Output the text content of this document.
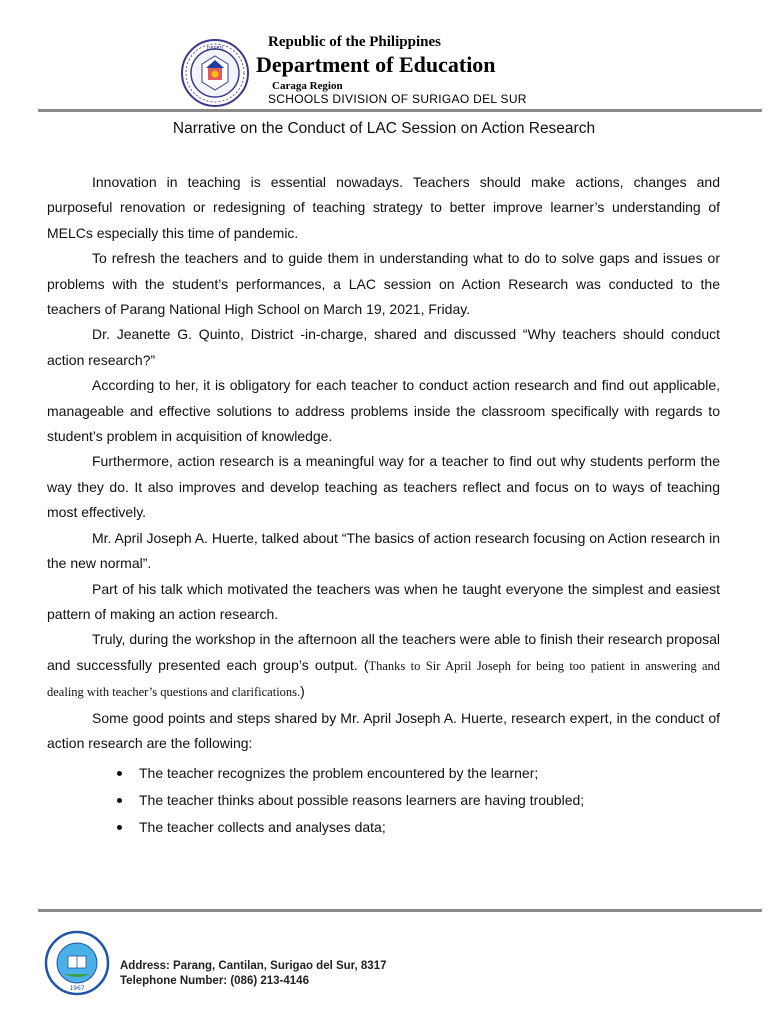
DEPED	Republic of the Philippines
Department of Education
Caraga Region
SCHOOLS DIVISION OF SURIGAO DEL SUR
Narrative on the Conduct of LAC Session on Action Research

Innovation in teaching is essential nowadays. Teachers should make actions, changes and purposeful renovation or redesigning of teaching strategy to better improve learner’s understanding of MELCs especially this time of pandemic.

To refresh the teachers and to guide them in understanding what to do to solve gaps and issues or problems with the student’s performances, a LAC session on Action Research was conducted to the teachers of Parang National High School on March 19, 2021, Friday.

Dr. Jeanette G. Quinto, District -in-charge, shared and discussed “Why teachers should conduct action research?”

According to her, it is obligatory for each teacher to conduct action research and find out applicable, manageable and effective solutions to address problems inside the classroom specifically with regards to student’s problem in acquisition of knowledge.

Furthermore, action research is a meaningful way for a teacher to find out why students perform the way they do. It also improves and develop teaching as teachers reflect and focus on to ways of teaching most effectively.

Mr. April Joseph A. Huerte, talked about “The basics of action research focusing on Action research in the new normal”.

Part of his talk which motivated the teachers was when he taught everyone the simplest and easiest pattern of making an action research.

Truly, during the workshop in the afternoon all the teachers were able to finish their research proposal and successfully presented each group’s output. (Thanks to Sir April Joseph for being too patient in answering and dealing with teacher’s questions and clarifications.)

Some good points and steps shared by Mr. April Joseph A. Huerte, research expert, in the conduct of action research are the following:

The teacher recognizes the problem encountered by the learner;
The teacher thinks about possible reasons learners are having troubled;
The teacher collects and analyses data;
1967
Address: Parang, Cantilan, Surigao del Sur, 8317
Telephone Number: (086) 213-4146
